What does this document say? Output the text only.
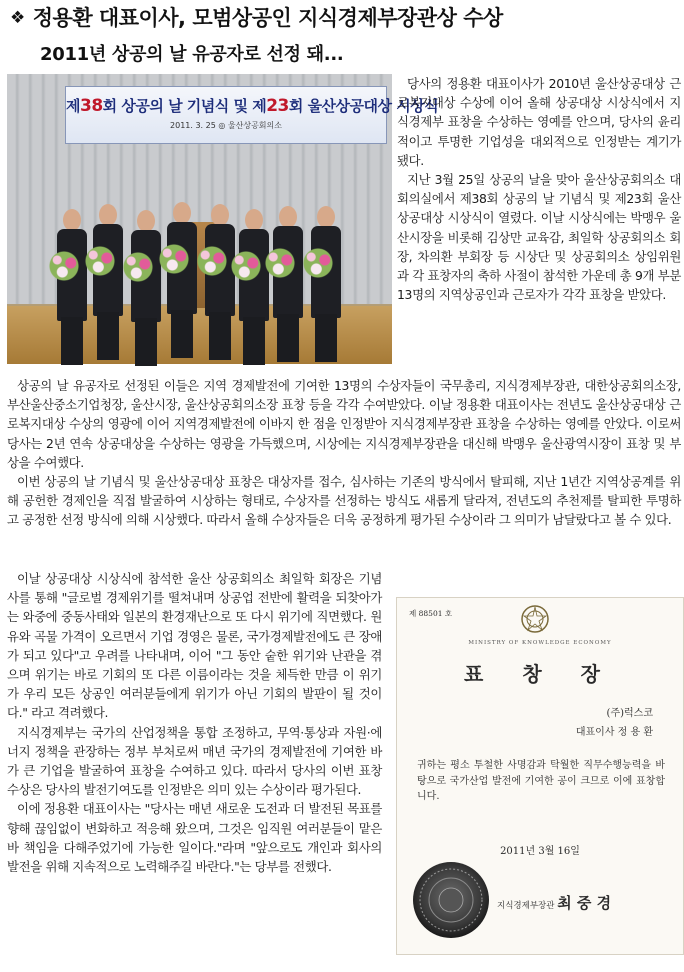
❖ 정용환 대표이사, 모범상공인 지식경제부장관상 수상
2011년 상공의 날 유공자로 선정 돼...
제38회 상공의 날 기념식 및 제23회 울산상공대상 시상식
2011. 3. 25 ◎ 울산상공회의소

당사의 정용환 대표이사가 2010년 울산상공대상 근로복지대상 수상에 이어 올해 상공대상 시상식에서 지식경제부 표창을 수상하는 영예를 안으며, 당사의 윤리적이고 투명한 기업성을 대외적으로 인정받는 계기가 됐다.

지난 3월 25일 상공의 날을 맞아 울산상공회의소 대회의실에서 제38회 상공의 날 기념식 및 제23회 울산상공대상 시상식이 열렸다. 이날 시상식에는 박맹우 울산시장을 비롯해 김상만 교육감, 최일학 상공회의소 회장, 차의환 부회장 등 시상단 및 상공회의소 상임위원과 각 표창자의 축하 사절이 참석한 가운데 총 9개 부분 13명의 지역상공인과 근로자가 각각 표창을 받았다.

상공의 날 유공자로 선정된 이들은 지역 경제발전에 기여한 13명의 수상자들이 국무총리, 지식경제부장관, 대한상공회의소장, 부산울산중소기업청장, 울산시장, 울산상공회의소장 표창 등을 각각 수여받았다. 이날 정용환 대표이사는 전년도 울산상공대상 근로복지대상 수상의 영광에 이어 지역경제발전에 이바지 한 점을 인정받아 지식경제부장관 표창을 수상하는 영예를 안았다. 이로써 당사는 2년 연속 상공대상을 수상하는 영광을 가득했으며, 시상에는 지식경제부장관을 대신해 박맹우 울산광역시장이 표창 및 부상을 수여했다.

이번 상공의 날 기념식 및 울산상공대상 표창은 대상자를 접수, 심사하는 기존의 방식에서 탈피해, 지난 1년간 지역상공계를 위해 공헌한 경제인을 직접 발굴하여 시상하는 형태로, 수상자를 선정하는 방식도 새롭게 달라져, 전년도의 추천제를 탈피한 투명하고 공정한 선정 방식에 의해 시상했다. 따라서 올해 수상자들은 더욱 공정하게 평가된 수상이라 그 의미가 남달랐다고 볼 수 있다.

이날 상공대상 시상식에 참석한 울산 상공회의소 최일학 회장은 기념사를 통해 "글로벌 경제위기를 떨쳐내며 상공업 전반에 활력을 되찾아가는 와중에 중동사태와 일본의 환경재난으로 또 다시 위기에 직면했다. 원유와 곡물 가격이 오르면서 기업 경영은 물론, 국가경제발전에도 큰 장애가 되고 있다"고 우려를 나타내며, 이어 "그 동안 숱한 위기와 난관을 겪으며 위기는 바로 기회의 또 다른 이름이라는 것을 체득한 만큼 이 위기가 우리 모든 상공인 여러분들에게 위기가 아닌 기회의 발판이 될 것이다." 라고 격려했다.

지식경제부는 국가의 산업정책을 통합 조정하고, 무역·통상과 자원·에너지 정책을 관장하는 정부 부처로써 매년 국가의 경제발전에 기여한 바가 큰 기업을 발굴하여 표창을 수여하고 있다. 따라서 당사의 이번 표창 수상은 당사의 발전기여도를 인정받은 의미 있는 수상이라 평가된다.

이에 정용환 대표이사는 "당사는 매년 새로운 도전과 더 발전된 목표를 향해 끊임없이 변화하고 적응해 왔으며, 그것은 임직원 여러분들이 맡은 바 책임을 다해주었기에 가능한 일이다."라며 "앞으로도 개인과 회사의 발전을 위해 지속적으로 노력해주길 바란다."는 당부를 전했다.

제 88501 호
MINISTRY OF KNOWLEDGE ECONOMY
표 창 장
(주)럭스코
대표이사 정 용 환
귀하는 평소 투철한 사명감과 탁월한 직무수행능력을 바탕으로 국가산업 발전에 기여한 공이 크므로 이에 표창합니다.
2011년 3월 16일
지식경제부장관 최 중 경
